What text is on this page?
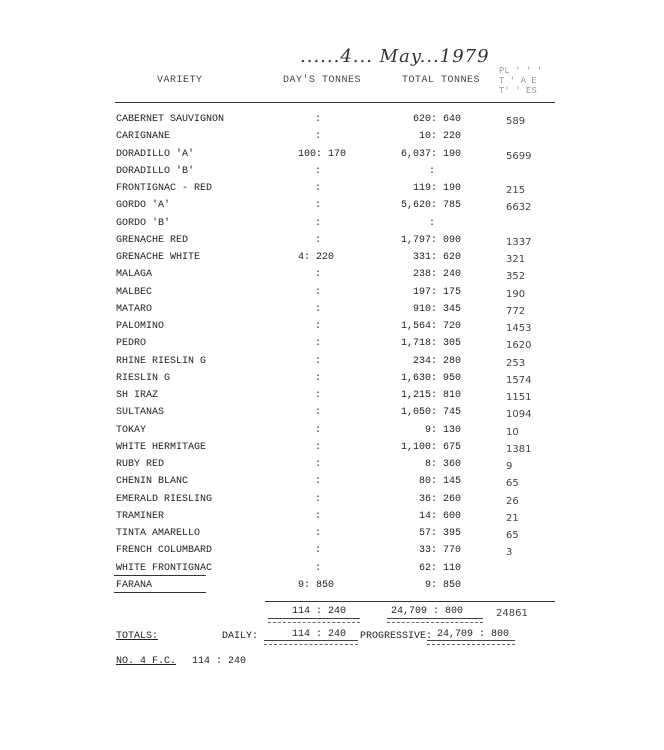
......4... May...1979
VARIETY	DAY'S TONNES	TOTAL TONNES
PL ' ' '
T ' A E
T' ' ES
CABERNET SAUVIGNON	:	620: 640	589
CARIGNANE	:	10: 220
DORADILLO 'A'	100: 170	6,037: 190	5699
DORADILLO 'B'	:	:
FRONTIGNAC - RED	:	119: 190	215
GORDO 'A'	:	5,620: 785	6632
GORDO 'B'	:	:
GRENACHE RED	:	1,797: 090	1337
GRENACHE WHITE	4: 220	331: 620	321
MALAGA	:	238: 240	352
MALBEC	:	197: 175	190
MATARO	:	910: 345	772
PALOMINO	:	1,564: 720	1453
PEDRO	:	1,718: 305	1620
RHINE RIESLIN G	:	234: 280	253
RIESLIN G	:	1,630: 950	1574
SH IRAZ	:	1,215: 810	1151
SULTANAS	:	1,050: 745	1094
TOKAY	:	9: 130	10
WHITE HERMITAGE	:	1,100: 675	1381
RUBY RED	:	8: 360	9
CHENIN BLANC	:	80: 145	65
EMERALD RIESLING	:	36: 260	26
TRAMINER	:	14: 600	21
TINTA AMARELLO	:	57: 395	65
FRENCH COLUMBARD	:	33: 770	3
WHITE FRONTIGNAC	:	62: 110
FARANA	9: 850	9: 850
114 : 240	24,709 : 800	24861
TOTALS:	DAILY:	114 : 240 PROGRESSIVE: 24,709 : 800
NO. 4 F.C. 114 : 240
